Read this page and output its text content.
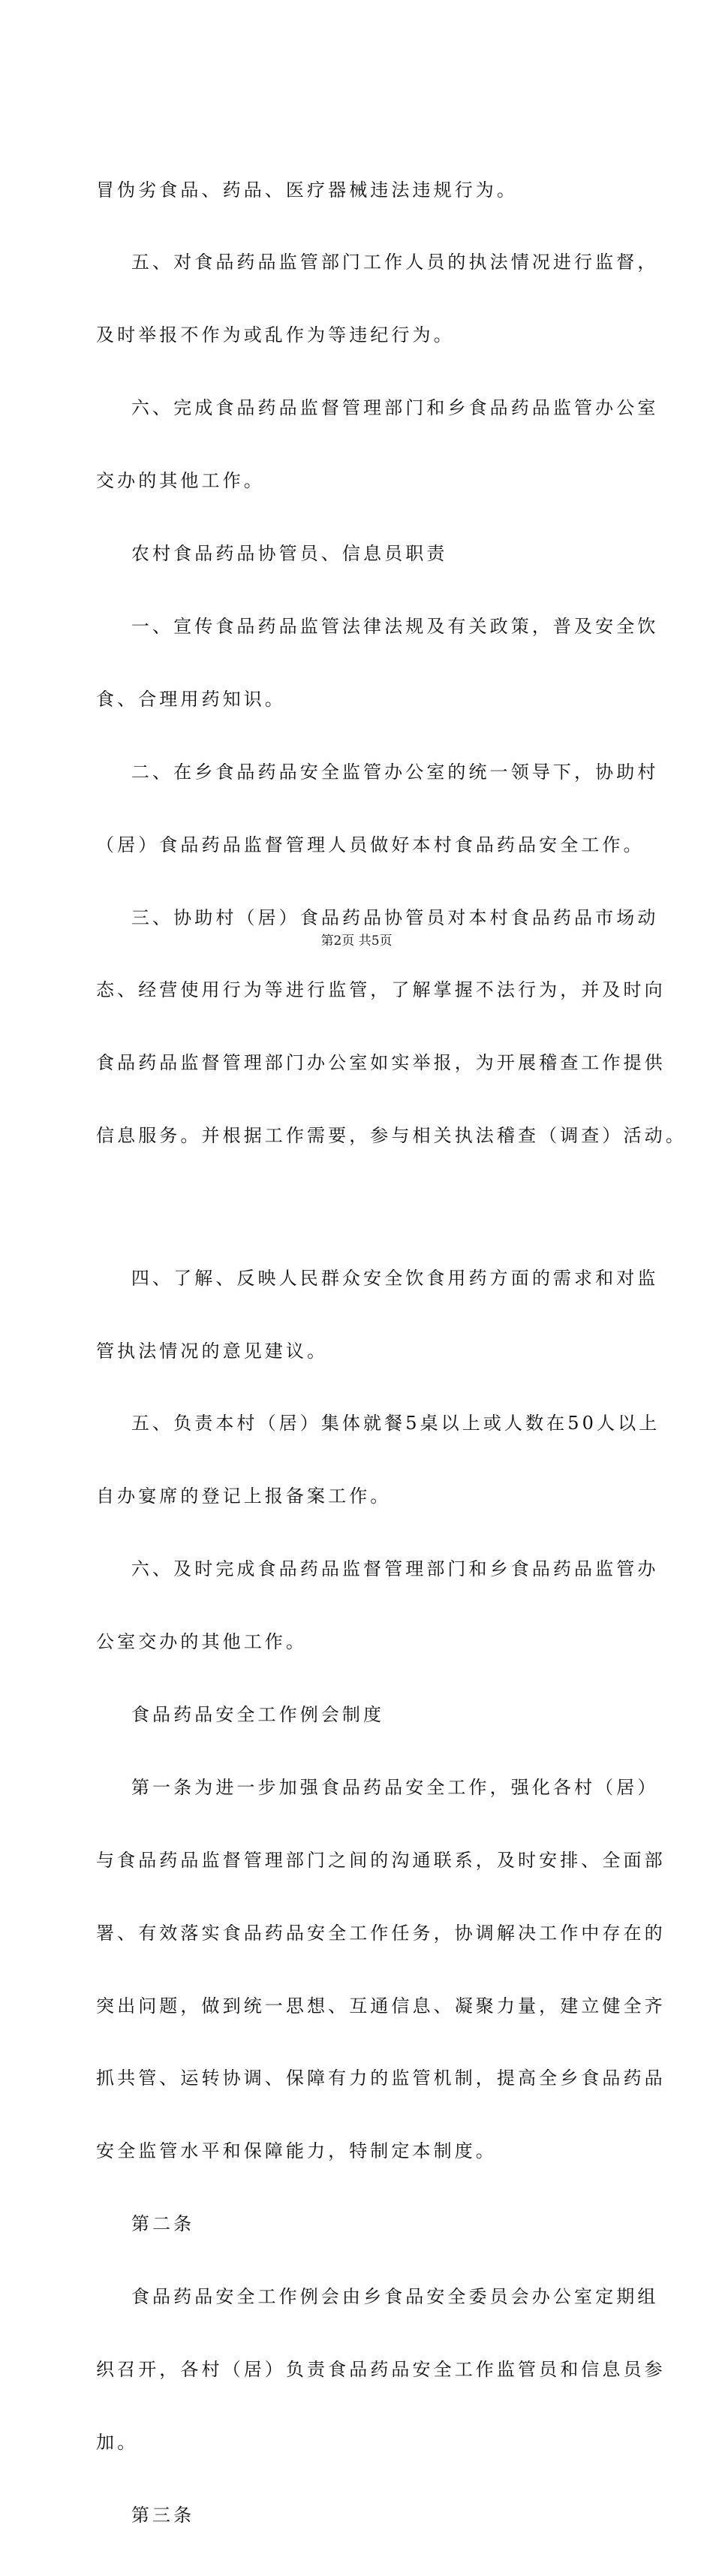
冒伪劣食品、药品、医疗器械违法违规行为。

五、对食品药品监管部门工作人员的执法情况进行监督，

及时举报不作为或乱作为等违纪行为。

六、完成食品药品监督管理部门和乡食品药品监管办公室

交办的其他工作。

农村食品药品协管员、信息员职责

一、宣传食品药品监管法律法规及有关政策，普及安全饮

食、合理用药知识。

二、在乡食品药品安全监管办公室的统一领导下，协助村

（居）食品药品监督管理人员做好本村食品药品安全工作。

三、协助村（居）食品药品协管员对本村食品药品市场动

态、经营使用行为等进行监管，了解掌握不法行为，并及时向

食品药品监督管理部门办公室如实举报，为开展稽查工作提供

信息服务。并根据工作需要，参与相关执法稽查（调查）活动。

四、了解、反映人民群众安全饮食用药方面的需求和对监

管执法情况的意见建议。

五、负责本村（居）集体就餐5桌以上或人数在50人以上

自办宴席的登记上报备案工作。

六、及时完成食品药品监督管理部门和乡食品药品监管办

公室交办的其他工作。

食品药品安全工作例会制度

第一条为进一步加强食品药品安全工作，强化各村（居）

与食品药品监督管理部门之间的沟通联系，及时安排、全面部

署、有效落实食品药品安全工作任务，协调解决工作中存在的

突出问题，做到统一思想、互通信息、凝聚力量，建立健全齐

抓共管、运转协调、保障有力的监管机制，提高全乡食品药品

安全监管水平和保障能力，特制定本制度。

第二条

食品药品安全工作例会由乡食品安全委员会办公室定期组

织召开，各村（居）负责食品药品安全工作监管员和信息员参

加。

第三条

第2页 共5页
